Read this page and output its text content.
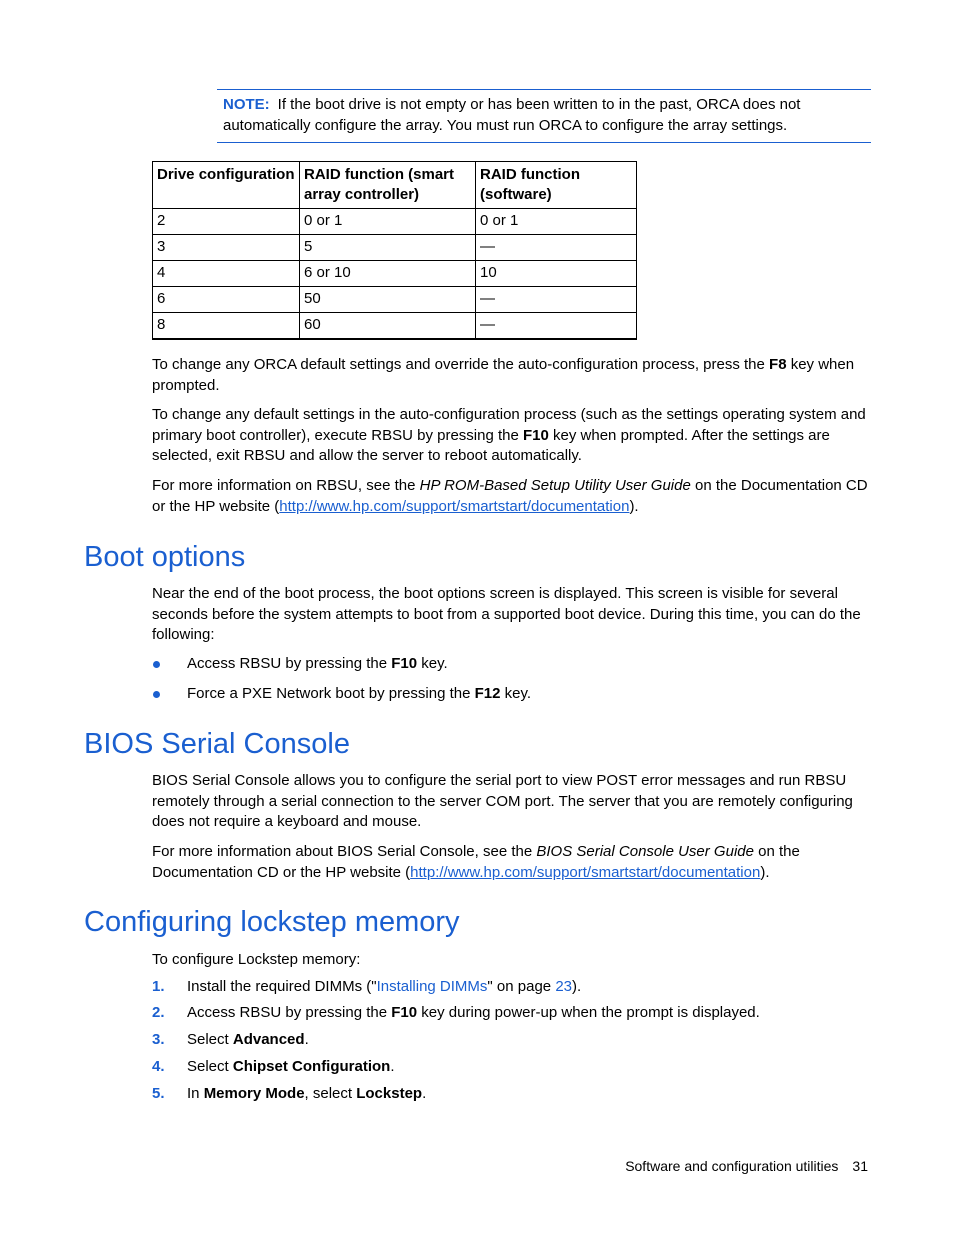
NOTE: If the boot drive is not empty or has been written to in the past, ORCA does not automatically configure the array. You must run ORCA to configure the array settings.
Drive configuration	RAID function (smart array controller)	RAID function (software)
2	0 or 1	0 or 1
3	5	—
4	6 or 10	10
6	50	—
8	60	—

To change any ORCA default settings and override the auto-configuration process, press the F8 key when prompted.

To change any default settings in the auto-configuration process (such as the settings operating system and primary boot controller), execute RBSU by pressing the F10 key when prompted. After the settings are selected, exit RBSU and allow the server to reboot automatically.

For more information on RBSU, see the HP ROM-Based Setup Utility User Guide on the Documentation CD or the HP website (http://www.hp.com/support/smartstart/documentation).

Boot options

Near the end of the boot process, the boot options screen is displayed. This screen is visible for several seconds before the system attempts to boot from a supported boot device. During this time, you can do the following:

Access RBSU by pressing the F10 key.
Force a PXE Network boot by pressing the F12 key.
BIOS Serial Console

BIOS Serial Console allows you to configure the serial port to view POST error messages and run RBSU remotely through a serial connection to the server COM port. The server that you are remotely configuring does not require a keyboard and mouse.

For more information about BIOS Serial Console, see the BIOS Serial Console User Guide on the Documentation CD or the HP website (http://www.hp.com/support/smartstart/documentation).

Configuring lockstep memory

To configure Lockstep memory:

1. Install the required DIMMs ("Installing DIMMs" on page 23).
2. Access RBSU by pressing the F10 key during power-up when the prompt is displayed.
3. Select Advanced.
4. Select Chipset Configuration.
5. In Memory Mode, select Lockstep.
Software and configuration utilities 31
